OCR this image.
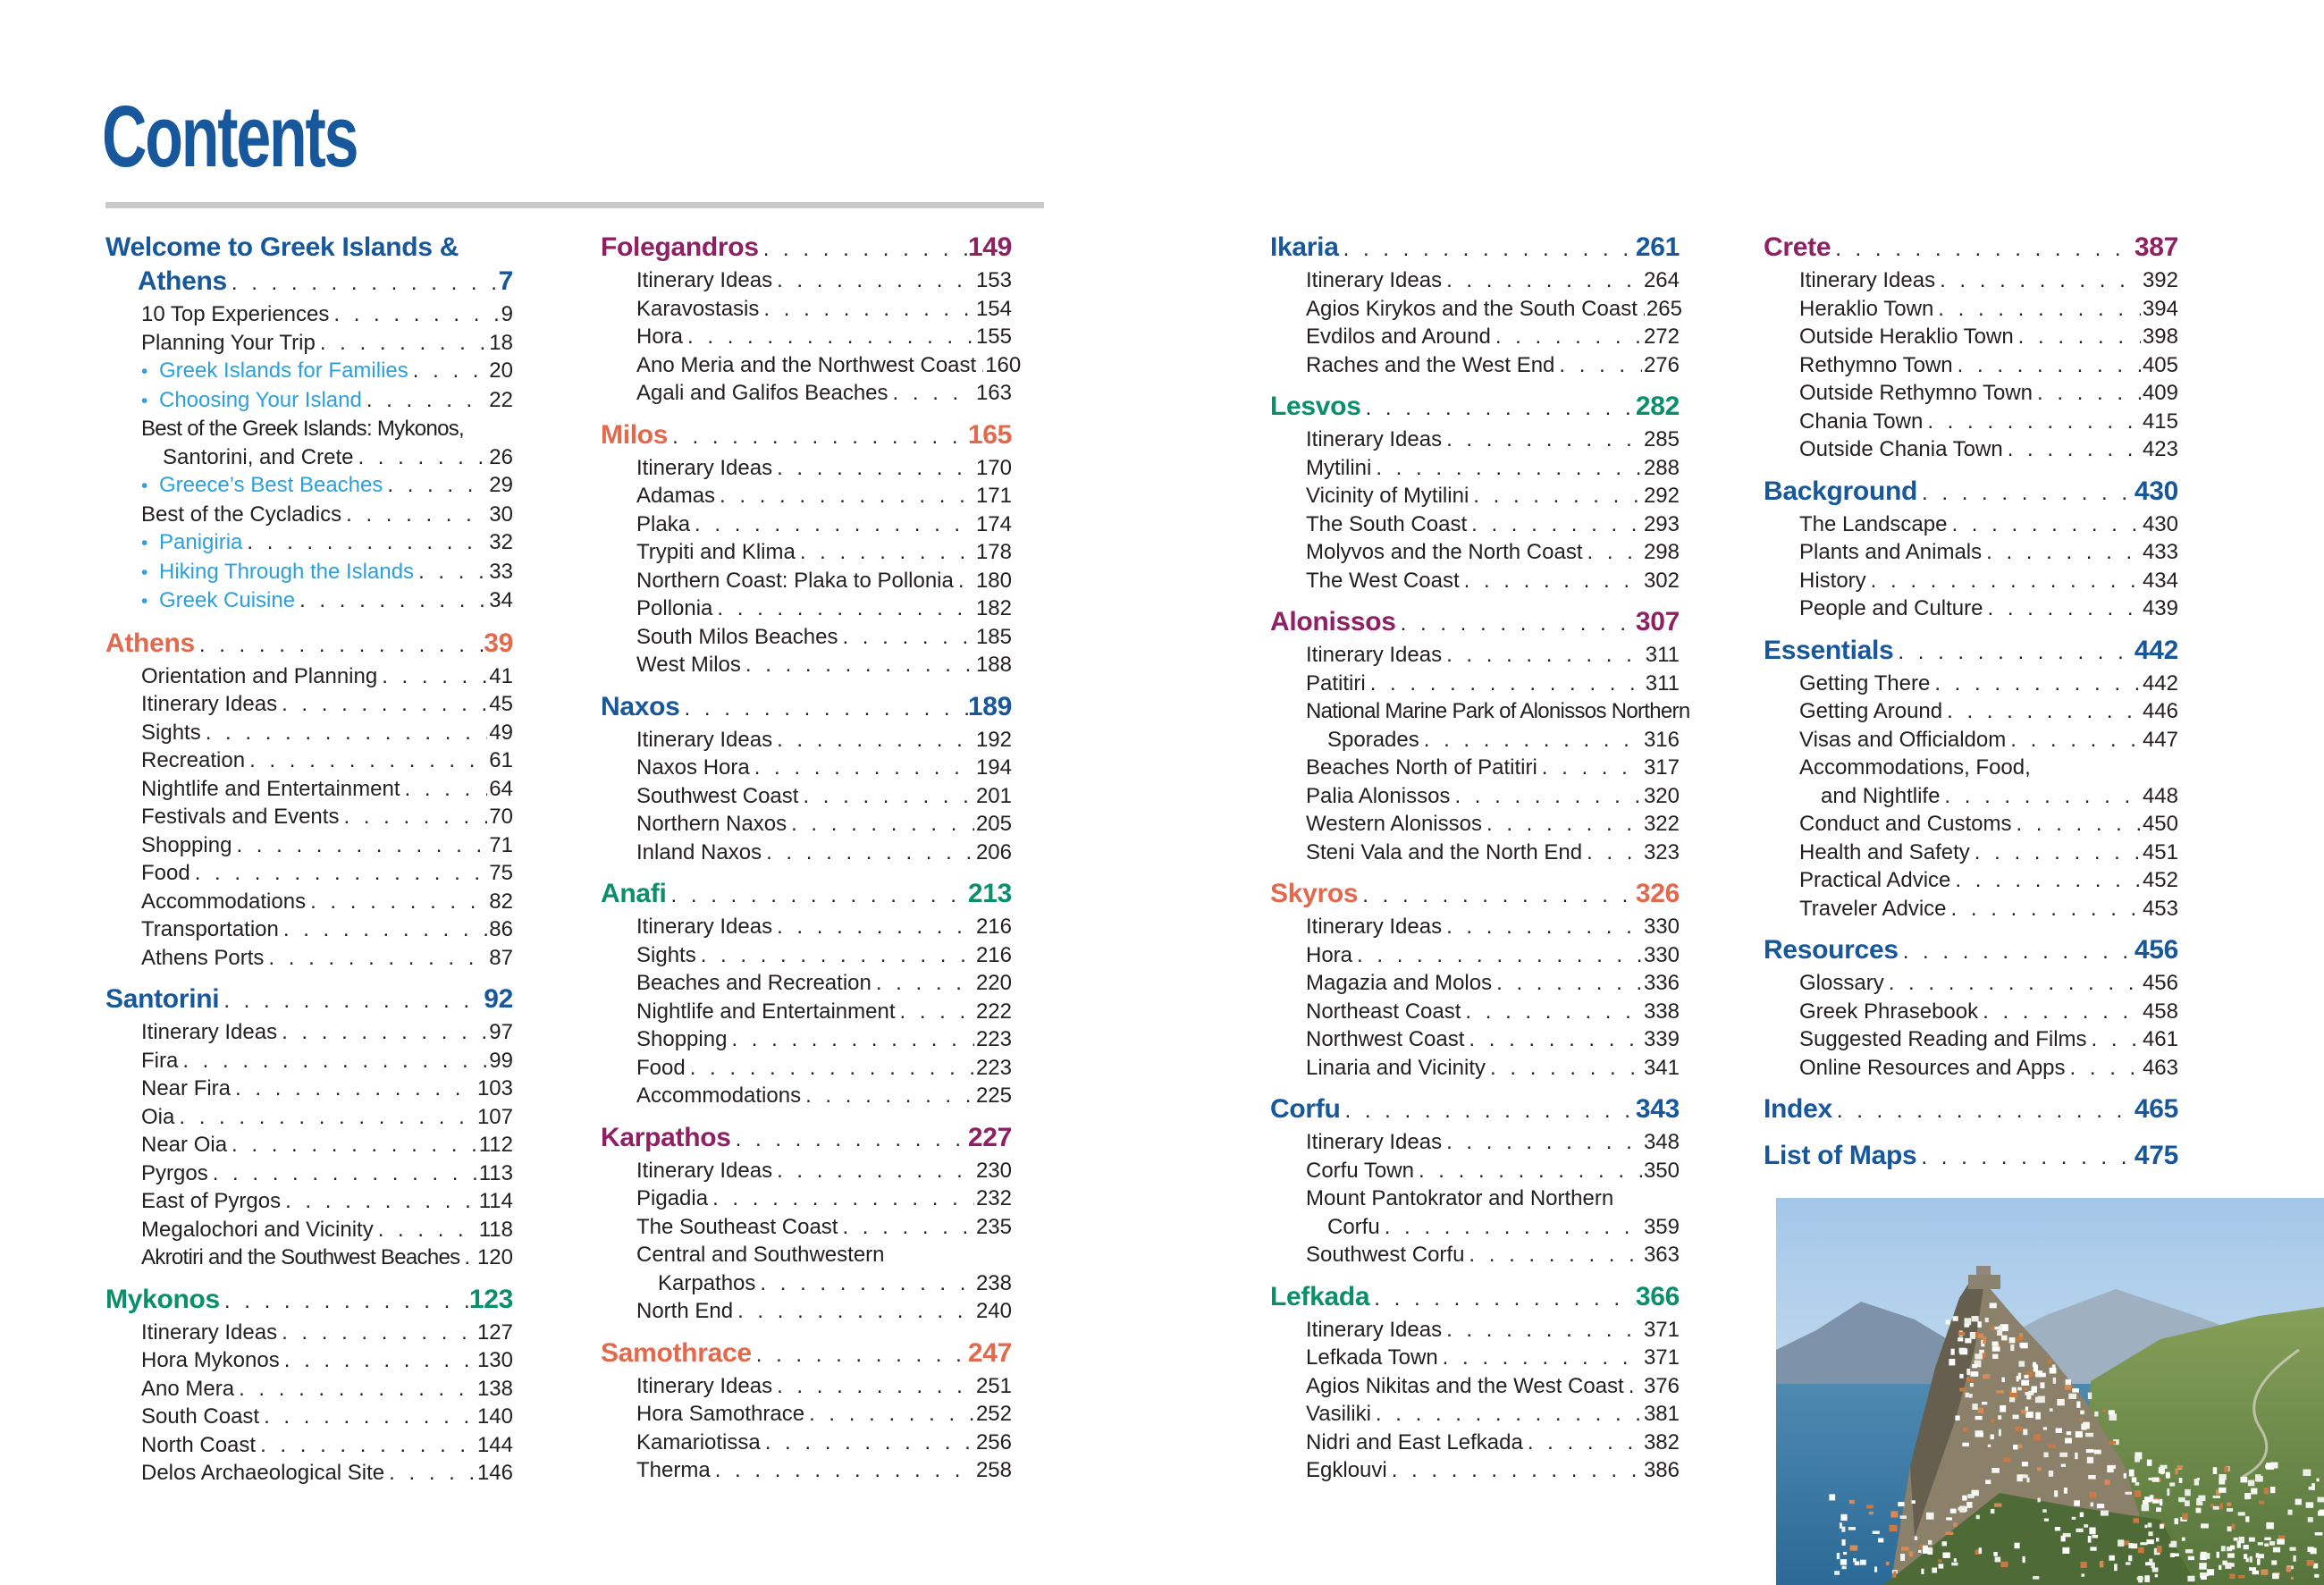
Contents
Welcome to Greek Islands &
Athens . . .	7
10 Top Experiences . . .	9
Planning Your Trip . . .	18
• Greek Islands for Families . . .	20
• Choosing Your Island . . .	22
Best of the Greek Islands: Mykonos,
Santorini, and Crete . . .	26
• Greece’s Best Beaches . . .	29
Best of the Cycladics . . .	30
• Panigiria . . .	32
• Hiking Through the Islands . . .	33
• Greek Cuisine . . .	34
Athens . . .	39
Orientation and Planning . . .	41
Itinerary Ideas . . .	45
Sights . . .	49
Recreation . . .	61
Nightlife and Entertainment . . .	64
Festivals and Events . . .	70
Shopping . . .	71
Food . . .	75
Accommodations . . .	82
Transportation . . .	86
Athens Ports . . .	87
Santorini . . .	92
Itinerary Ideas . . .	97
Fira . . .	99
Near Fira . . .	103
Oia . . .	107
Near Oia . . .	112
Pyrgos . . .	113
East of Pyrgos . . .	114
Megalochori and Vicinity . . .	118
Akrotiri and the Southwest Beaches . . . 120
Mykonos . . .	123
Itinerary Ideas . . .	127
Hora Mykonos . . .	130
Ano Mera . . .	138
South Coast . . .	140
North Coast . . .	144
Delos Archaeological Site . . .	146
Folegandros . . .	149
Itinerary Ideas . . .	153
Karavostasis . . .	154
Hora . . .	155
Ano Meria and the Northwest Coast . . . 160
Agali and Galifos Beaches . . .	163
Milos . . .	165
Itinerary Ideas . . .	170
Adamas . . .	171
Plaka . . .	174
Trypiti and Klima . . .	178
Northern Coast: Plaka to Pollonia . . . 180
Pollonia . . .	182
South Milos Beaches . . .	185
West Milos . . .	188
Naxos . . .	189
Itinerary Ideas . . .	192
Naxos Hora . . .	194
Southwest Coast . . .	201
Northern Naxos . . .	205
Inland Naxos . . .	206
Anafi . . .	213
Itinerary Ideas . . .	216
Sights . . .	216
Beaches and Recreation . . .	220
Nightlife and Entertainment . . .	222
Shopping . . .	223
Food . . .	223
Accommodations . . .	225
Karpathos . . .	227
Itinerary Ideas . . .	230
Pigadia . . .	232
The Southeast Coast . . .	235
Central and Southwestern
Karpathos . . .	238
North End . . .	240
Samothrace . . .	247
Itinerary Ideas . . .	251
Hora Samothrace . . .	252
Kamariotissa . . .	256
Therma . . .	258
Ikaria . . .	261
Itinerary Ideas . . .	264
Agios Kirykos and the South Coast . . . 265
Evdilos and Around . . .	272
Raches and the West End . . .	276
Lesvos . . .	282
Itinerary Ideas . . .	285
Mytilini . . .	288
Vicinity of Mytilini . . .	292
The South Coast . . .	293
Molyvos and the North Coast . . .	298
The West Coast . . .	302
Alonissos . . .	307
Itinerary Ideas . . .	311
Patitiri . . .	311
National Marine Park of Alonissos Northern
Sporades . . .	316
Beaches North of Patitiri . . .	317
Palia Alonissos . . .	320
Western Alonissos . . .	322
Steni Vala and the North End . . .	323
Skyros . . .	326
Itinerary Ideas . . .	330
Hora . . .	330
Magazia and Molos . . .	336
Northeast Coast . . .	338
Northwest Coast . . .	339
Linaria and Vicinity . . .	341
Corfu . . .	343
Itinerary Ideas . . .	348
Corfu Town . . .	350
Mount Pantokrator and Northern
Corfu . . .	359
Southwest Corfu . . .	363
Lefkada . . .	366
Itinerary Ideas . . .	371
Lefkada Town . . .	371
Agios Nikitas and the West Coast . . . 376
Vasiliki . . .	381
Nidri and East Lefkada . . .	382
Egklouvi . . .	386
Crete . . .	387
Itinerary Ideas . . .	392
Heraklio Town . . .	394
Outside Heraklio Town . . .	398
Rethymno Town . . .	405
Outside Rethymno Town . . .	409
Chania Town . . .	415
Outside Chania Town . . .	423
Background . . .	430
The Landscape . . .	430
Plants and Animals . . .	433
History . . .	434
People and Culture . . .	439
Essentials . . .	442
Getting There . . .	442
Getting Around . . .	446
Visas and Officialdom . . .	447
Accommodations, Food,
and Nightlife . . .	448
Conduct and Customs . . .	450
Health and Safety . . .	451
Practical Advice . . .	452
Traveler Advice . . .	453
Resources . . .	456
Glossary . . .	456
Greek Phrasebook . . .	458
Suggested Reading and Films . . .	461
Online Resources and Apps . . .	463
Index . . .	465
List of Maps . . .	475
